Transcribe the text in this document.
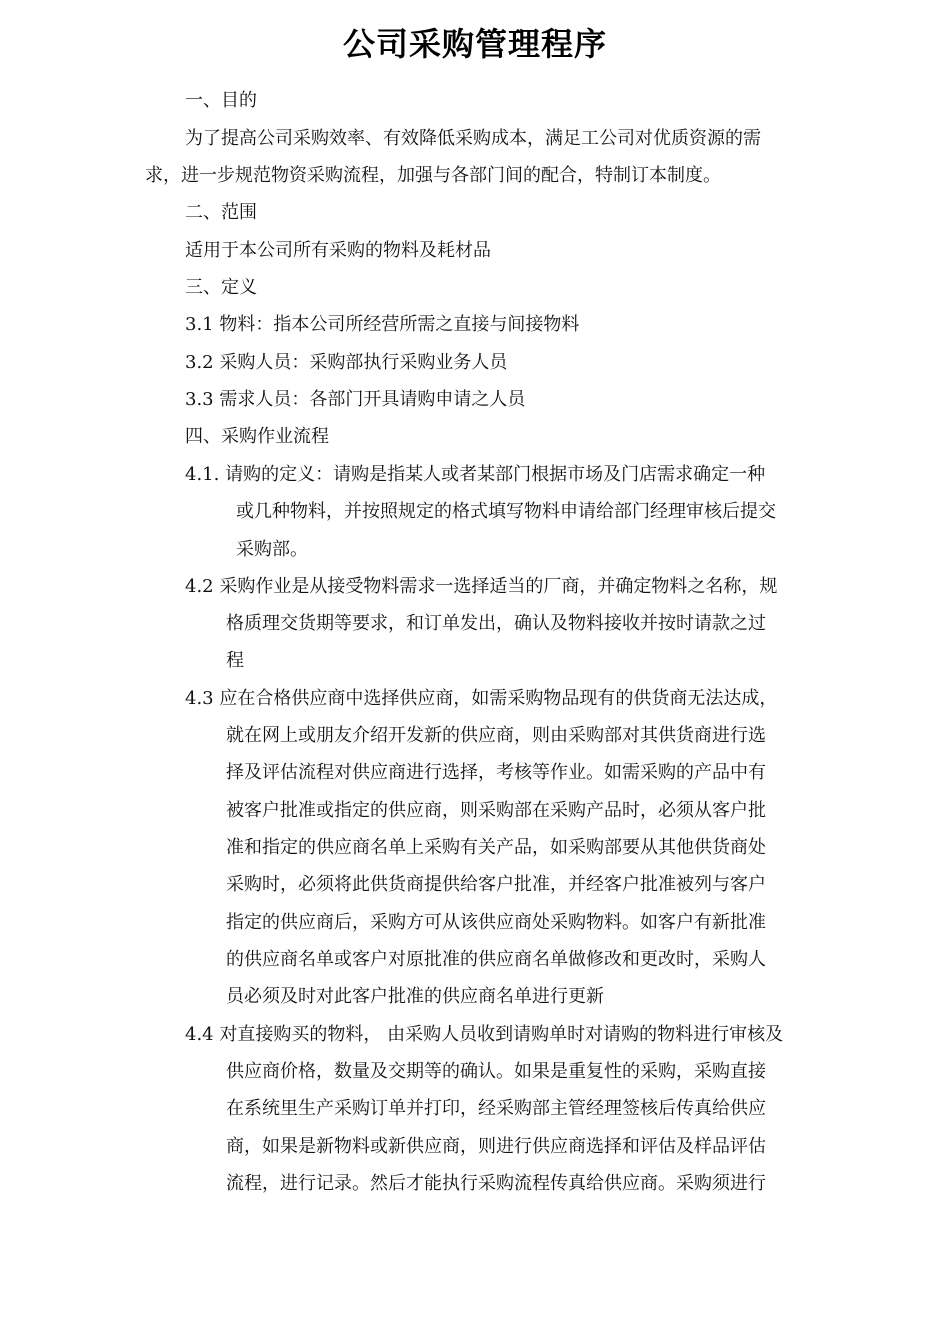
公司采购管理程序
一、目的
为了提高公司采购效率、有效降低采购成本，满足工公司对优质资源的需
求，进一步规范物资采购流程，加强与各部门间的配合，特制订本制度。
二、范围
适用于本公司所有采购的物料及耗材品
三、定义
3.1 物料：指本公司所经营所需之直接与间接物料
3.2 采购人员：采购部执行采购业务人员
3.3 需求人员：各部门开具请购申请之人员
四、采购作业流程
4.1. 请购的定义：请购是指某人或者某部门根据市场及门店需求确定一种
或几种物料，并按照规定的格式填写物料申请给部门经理审核后提交
采购部。
4.2 采购作业是从接受物料需求一选择适当的厂商，并确定物料之名称，规
格质理交货期等要求，和订单发出，确认及物料接收并按时请款之过
程
4.3 应在合格供应商中选择供应商，如需采购物品现有的供货商无法达成，
就在网上或朋友介绍开发新的供应商，则由采购部对其供货商进行选
择及评估流程对供应商进行选择，考核等作业。如需采购的产品中有
被客户批准或指定的供应商，则采购部在采购产品时，必须从客户批
准和指定的供应商名单上采购有关产品，如采购部要从其他供货商处
采购时，必须将此供货商提供给客户批准，并经客户批准被列与客户
指定的供应商后，采购方可从该供应商处采购物料。如客户有新批准
的供应商名单或客户对原批准的供应商名单做修改和更改时，采购人
员必须及时对此客户批准的供应商名单进行更新
4.4 对直接购买的物料， 由采购人员收到请购单时对请购的物料进行审核及
供应商价格，数量及交期等的确认。如果是重复性的采购，采购直接
在系统里生产采购订单并打印，经采购部主管经理签核后传真给供应
商，如果是新物料或新供应商，则进行供应商选择和评估及样品评估
流程，进行记录。然后才能执行采购流程传真给供应商。采购须进行
